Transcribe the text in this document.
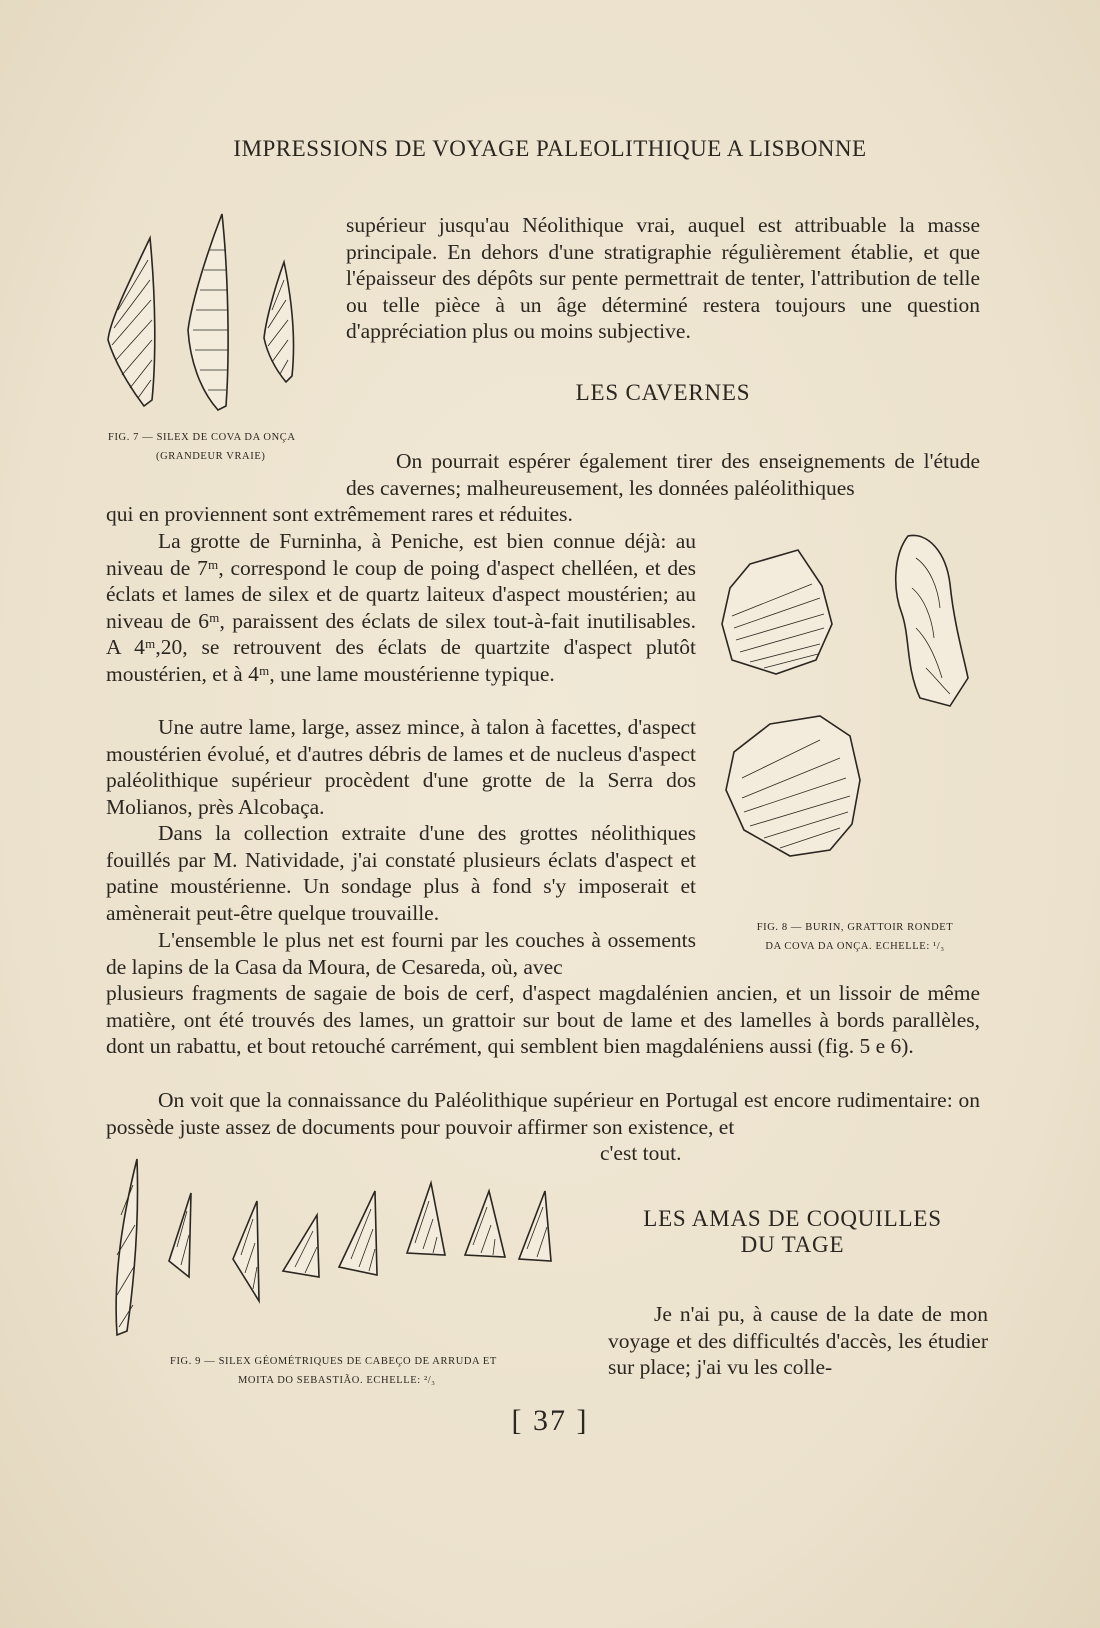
IMPRESSIONS DE VOYAGE PALEOLITHIQUE A LISBONNE
FIG. 7 — SILEX DE COVA DA ONÇA
(GRANDEUR VRAIE)

supérieur jusqu'au Néolithique vrai, auquel est attribuable la masse principale. En dehors d'une stratigraphie régulièrement établie, et que l'épaisseur des dépôts sur pente permettrait de tenter, l'attribution de telle ou telle pièce à un âge déterminé restera toujours une question d'appréciation plus ou moins subjective.

LES CAVERNES

On pourrait espérer également tirer des enseignements de l'étude des cavernes; malheureusement, les données paléolithiques

qui en proviennent sont extrêmement rares et réduites.

FIG. 8 — BURIN, GRATTOIR RONDET
DA COVA DA ONÇA. ECHELLE: ¹/₃

La grotte de Furninha, à Peniche, est bien connue déjà: au niveau de 7ᵐ, correspond le coup de poing d'aspect chelléen, et des éclats et lames de silex et de quartz laiteux d'aspect moustérien; au niveau de 6ᵐ, paraissent des éclats de silex tout-à-fait inutilisables. A 4ᵐ,20, se retrouvent des éclats de quartzite d'aspect plutôt moustérien, et à 4ᵐ, une lame moustérienne typique.

Une autre lame, large, assez mince, à talon à facettes, d'aspect moustérien évolué, et d'autres débris de lames et de nucleus d'aspect paléolithique supérieur procèdent d'une grotte de la Serra dos Molianos, près Alcobaça.

Dans la collection extraite d'une des grottes néolithiques fouillés par M. Natividade, j'ai constaté plusieurs éclats d'aspect et patine moustérienne. Un sondage plus à fond s'y imposerait et amènerait peut-être quelque trouvaille.

L'ensemble le plus net est fourni par les couches à ossements de lapins de la Casa da Moura, de Cesareda, où, avec

plusieurs fragments de sagaie de bois de cerf, d'aspect magdalénien ancien, et un lissoir de même matière, ont été trouvés des lames, un grattoir sur bout de lame et des lamelles à bords parallèles, dont un rabattu, et bout retouché carrément, qui semblent bien magdaléniens aussi (fig. 5 e 6).

On voit que la connaissance du Paléolithique supérieur en Portugal est encore rudimentaire: on possède juste assez de documents pour pouvoir affirmer son existence, et

c'est tout.

FIG. 9 — SILEX GÉOMÉTRIQUES DE CABEÇO DE ARRUDA ET
MOITA DO SEBASTIÃO. ECHELLE: ²/₃
LES AMAS DE COQUILLES
DU TAGE

Je n'ai pu, à cause de la date de mon voyage et des difficultés d'accès, les étudier sur place; j'ai vu les colle-

[ 37 ]
